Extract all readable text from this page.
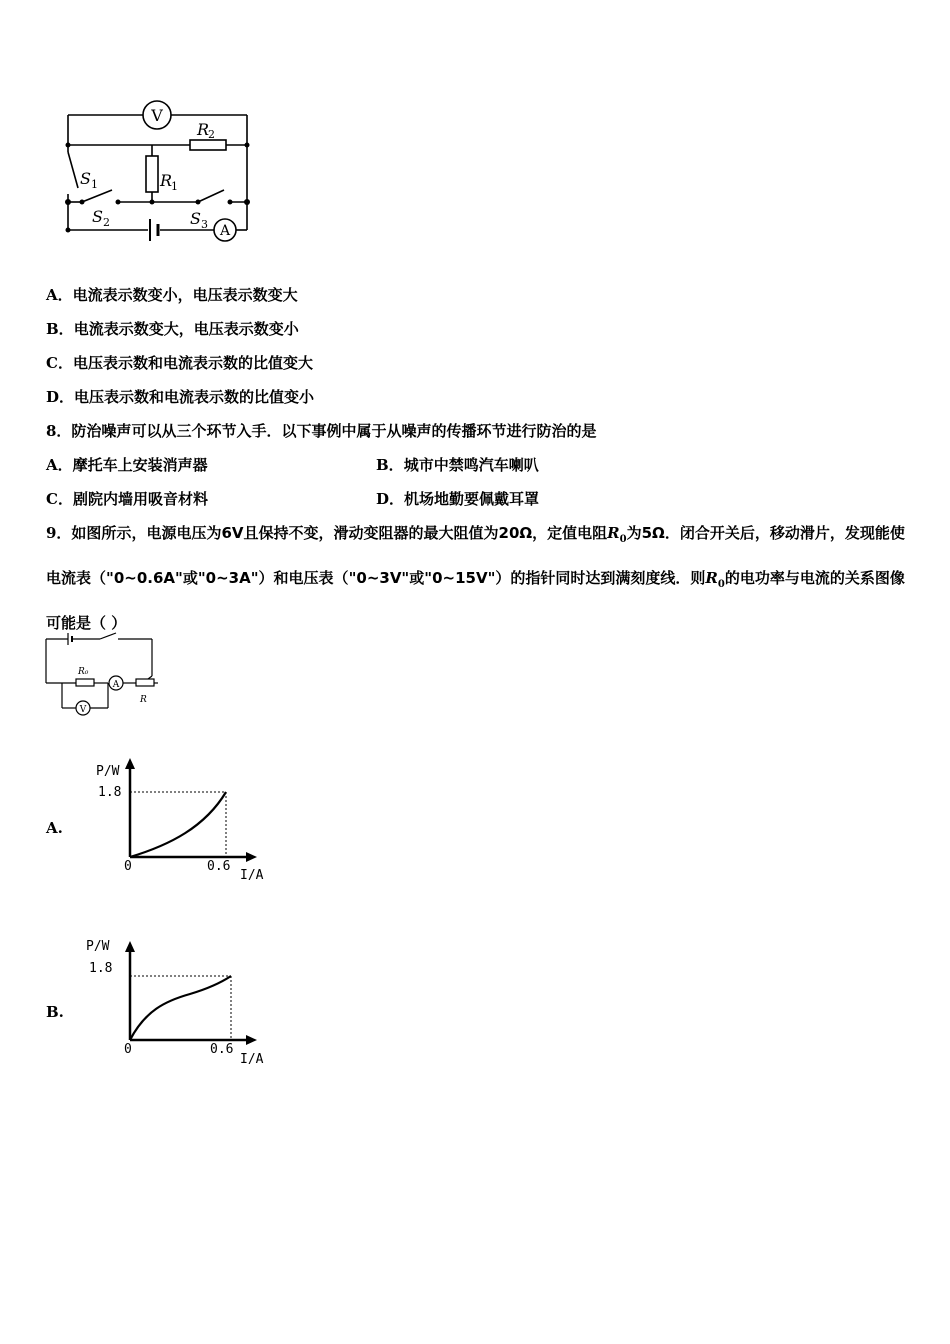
V
A
R
2
R
1
S 1
S 2	S 3
A．电流表示数变小，电压表示数变大
B．电流表示数变大，电压表示数变小
C．电压表示数和电流表示数的比值变大
D．电压表示数和电流表示数的比值变小
8．防治噪声可以从三个环节入手．以下事例中属于从噪声的传播环节进行防治的是
A．摩托车上安装消声器	B．城市中禁鸣汽车喇叭
C．剧院内墙用吸音材料	D．机场地勤要佩戴耳罩
9．如图所示，电源电压为6V且保持不变，滑动变阻器的最大阻值为20Ω，定值电阻$R_0$为5Ω．闭合开关后，移动滑片，发现能使电流表（"0~0.6A"或"0~3A"）和电压表（"0~3V"或"0~15V"）的指针同时达到满刻度线．则$R_0$的电功率与电流的关系图像可能是（ ）
R₀
A
V
R
A.
P/W
1.8
0	0.6
I/A
B.
P/W
1.8
0	0.6
I/A
